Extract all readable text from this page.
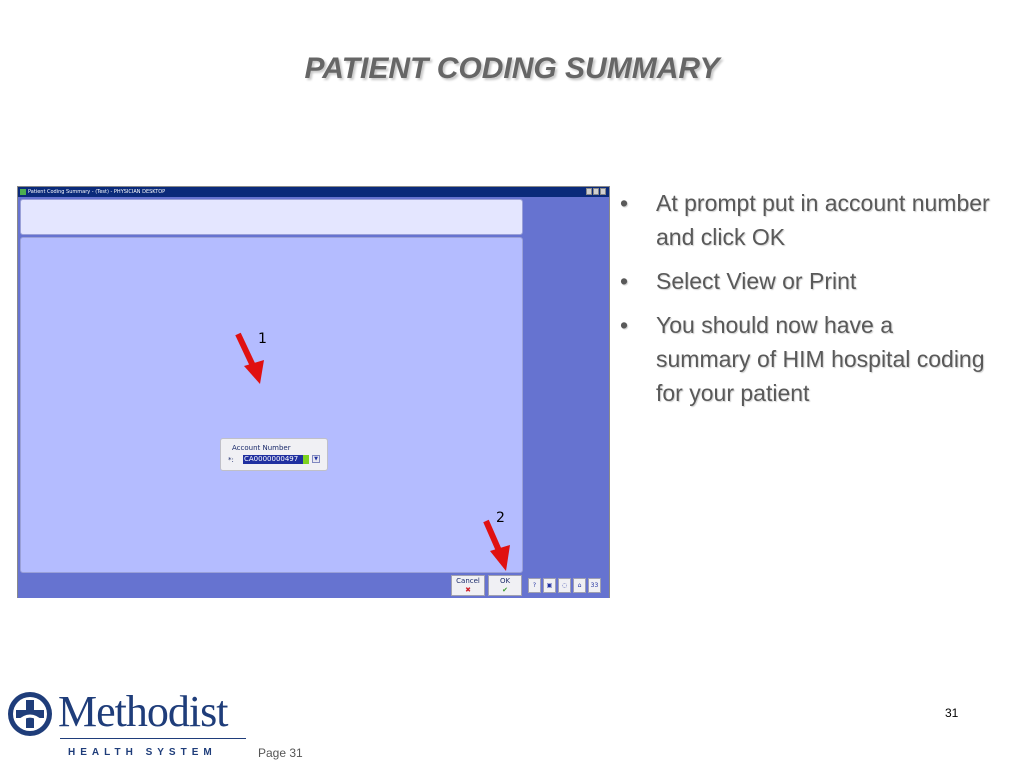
PATIENT CODING SUMMARY
Patient Coding Summary - (Test) - PHYSICIAN DESKTOP
Account Number
*: CA0000000497	▼
Cancel
✖
OK
✔
?	▣	◌	⌂	33
1
2
• At prompt put in account number and click OK
• Select View or Print
• You should now have a summary of HIM hospital coding for your patient
31
Methodist
HEALTH SYSTEM	Page 31
